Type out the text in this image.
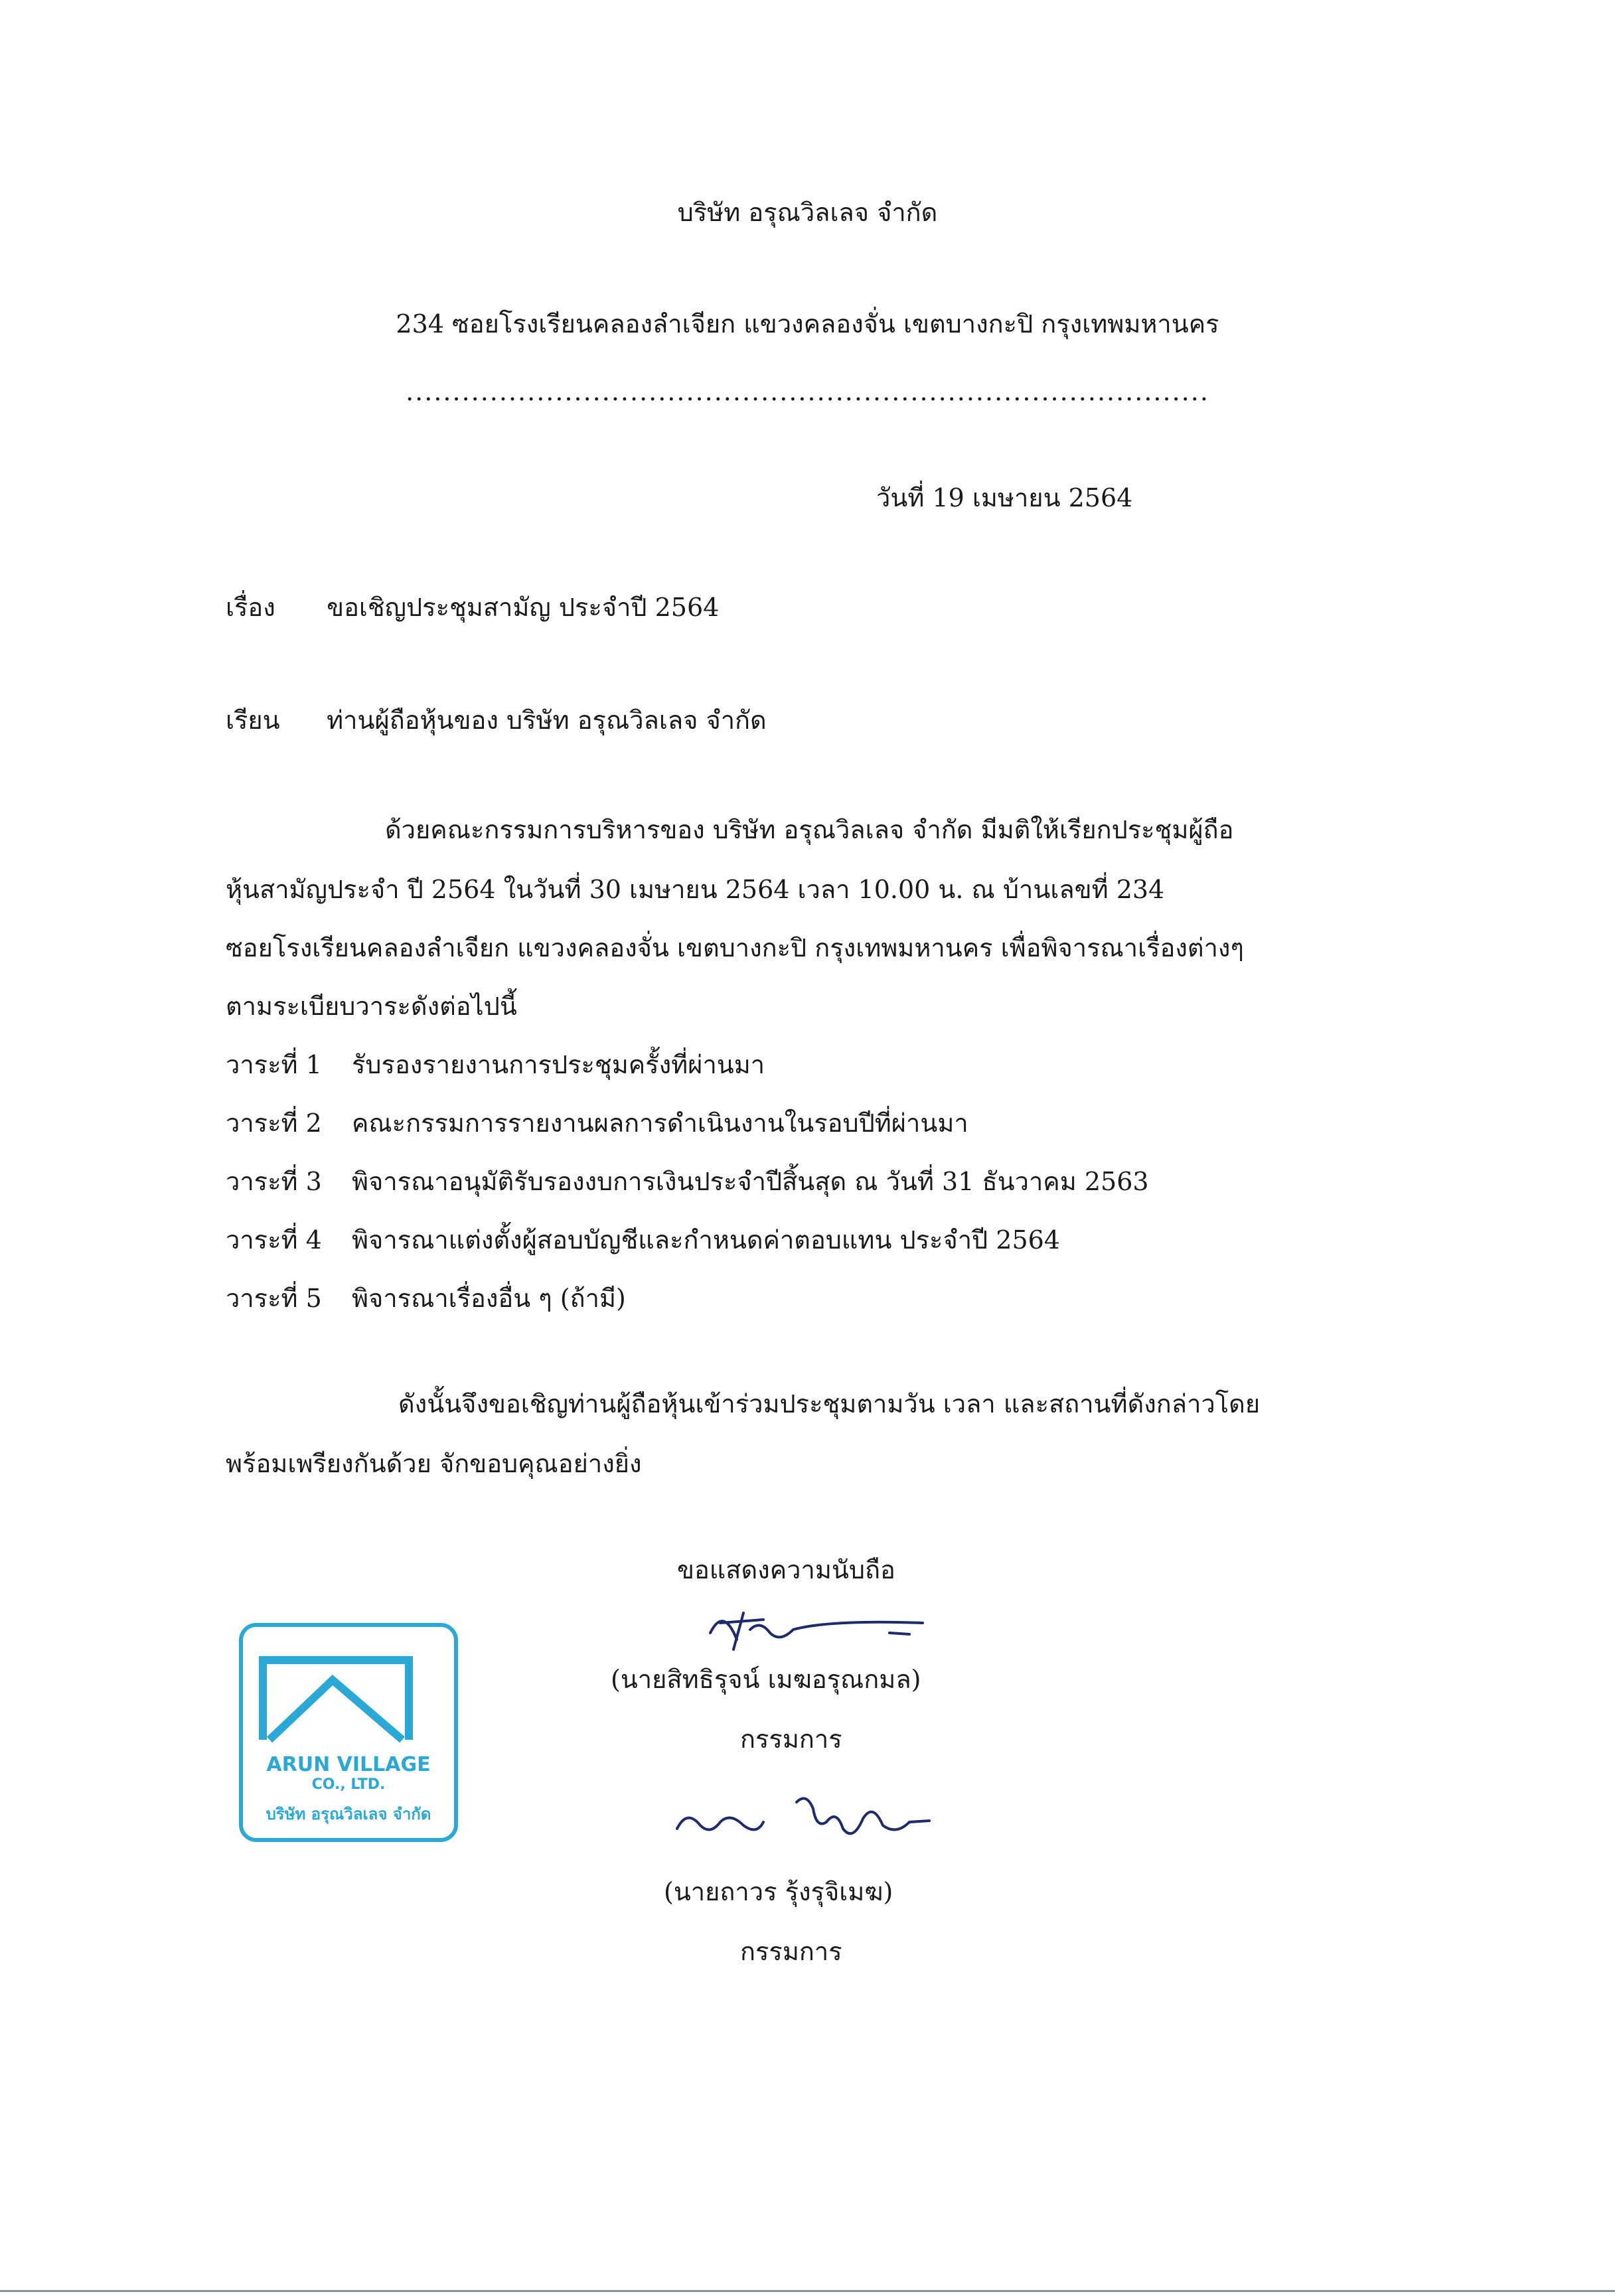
บริษัท อรุณวิลเลจ จำกัด
234 ซอยโรงเรียนคลองลำเจียก แขวงคลองจั่น เขตบางกะปิ กรุงเทพมหานคร
......................................................................................
วันที่ 19 เมษายน 2564
เรื่อง ขอเชิญประชุมสามัญ ประจำปี 2564
เรียน ท่านผู้ถือหุ้นของ บริษัท อรุณวิลเลจ จำกัด
ด้วยคณะกรรมการบริหารของ บริษัท อรุณวิลเลจ จำกัด มีมติให้เรียกประชุมผู้ถือ
หุ้นสามัญประจำ ปี 2564 ในวันที่ 30 เมษายน 2564 เวลา 10.00 น. ณ บ้านเลขที่ 234
ซอยโรงเรียนคลองลำเจียก แขวงคลองจั่น เขตบางกะปิ กรุงเทพมหานคร เพื่อพิจารณาเรื่องต่างๆ
ตามระเบียบวาระดังต่อไปนี้
วาระที่ 1 รับรองรายงานการประชุมครั้งที่ผ่านมา
วาระที่ 2 คณะกรรมการรายงานผลการดำเนินงานในรอบปีที่ผ่านมา
วาระที่ 3 พิจารณาอนุมัติรับรองงบการเงินประจำปีสิ้นสุด ณ วันที่ 31 ธันวาคม 2563
วาระที่ 4 พิจารณาแต่งตั้งผู้สอบบัญชีและกำหนดค่าตอบแทน ประจำปี 2564
วาระที่ 5 พิจารณาเรื่องอื่น ๆ (ถ้ามี)
ดังนั้นจึงขอเชิญท่านผู้ถือหุ้นเข้าร่วมประชุมตามวัน เวลา และสถานที่ดังกล่าวโดย
พร้อมเพรียงกันด้วย จักขอบคุณอย่างยิ่ง
ขอแสดงความนับถือ
(นายสิทธิรุจน์ เมฆอรุณกมล)
กรรมการ
(นายถาวร รุ้งรุจิเมฆ)
กรรมการ
ARUN VILLAGE
CO., LTD.
บริษัท อรุณวิลเลจ จำกัด
